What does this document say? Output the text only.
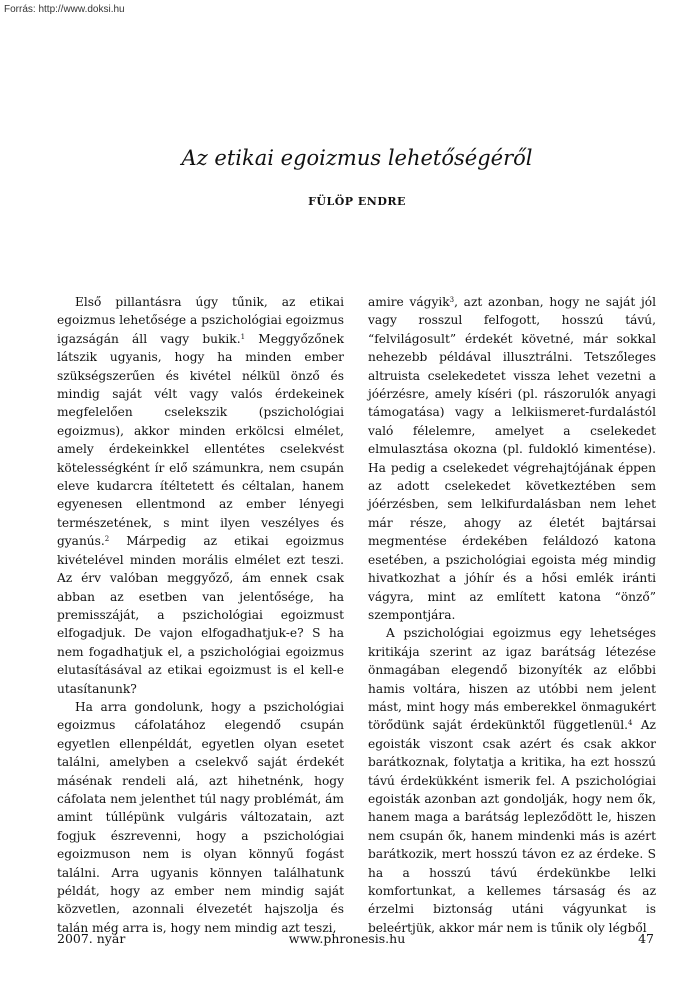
Forrás: http://www.doksi.hu
Az etikai egoizmus lehetőségéről
FÜLÖP ENDRE

Első pillantásra úgy tűnik, az etikai egoizmus lehetősége a pszichológiai egoizmus igazságán áll vagy bukik.$^1$ Meggyőzőnek látszik ugyanis, hogy ha minden ember szükségszerűen és kivétel nélkül önző és mindig saját vélt vagy valós érdekeinek megfelelően cselekszik (pszichológiai egoizmus), akkor minden erkölcsi elmélet, amely érdekeinkkel ellentétes cselekvést kötelességként ír elő számunkra, nem csupán eleve kudarcra ítéltetett és céltalan, hanem egyenesen ellentmond az ember lényegi természetének, s mint ilyen veszélyes és gyanús.$^2$ Márpedig az etikai egoizmus kivételével minden morális elmélet ezt teszi. Az érv valóban meggyőző, ám ennek csak abban az esetben van jelentősége, ha premisszáját, a pszichológiai egoizmust elfogadjuk. De vajon elfogadhatjuk-e? S ha nem fogadhatjuk el, a pszichológiai egoizmus elutasításával az etikai egoizmust is el kell-e utasítanunk?

Ha arra gondolunk, hogy a pszichológiai egoizmus cáfolatához elegendő csupán egyetlen ellenpéldát, egyetlen olyan esetet találni, amelyben a cselekvő saját érdekét másénak rendeli alá, azt hihetnénk, hogy cáfolata nem jelenthet túl nagy problémát, ám amint túllépünk vulgáris változatain, azt fogjuk észrevenni, hogy a pszichológiai egoizmuson nem is olyan könnyű fogást találni. Arra ugyanis könnyen találhatunk példát, hogy az ember nem mindig saját közvetlen, azonnali élvezetét hajszolja és talán még arra is, hogy nem mindig azt teszi,

amire vágyik$^3$, azt azonban, hogy ne saját jól vagy rosszul felfogott, hosszú távú, “felvilágosult” érdekét követné, már sokkal nehezebb példával illusztrálni. Tetszőleges altruista cselekedetet vissza lehet vezetni a jóérzésre, amely kíséri (pl. rászorulók anyagi támogatása) vagy a lelkiismeret-furdalástól való félelemre, amelyet a cselekedet elmulasztása okozna (pl. fuldokló kimentése). Ha pedig a cselekedet végrehajtójának éppen az adott cselekedet következtében sem jóérzésben, sem lelkifurdalásban nem lehet már része, ahogy az életét bajtársai megmentése érdekében feláldozó katona esetében, a pszichológiai egoista még mindig hivatkozhat a jóhír és a hősi emlék iránti vágyra, mint az említett katona “önző” szempontjára.

A pszichológiai egoizmus egy lehetséges kritikája szerint az igaz barátság létezése önmagában elegendő bizonyíték az előbbi hamis voltára, hiszen az utóbbi nem jelent mást, mint hogy más emberekkel önmagukért törődünk saját érdekünktől függetlenül.$^4$ Az egoisták viszont csak azért és csak akkor barátkoznak, folytatja a kritika, ha ezt hosszú távú érdekükként ismerik fel. A pszichológiai egoisták azonban azt gondolják, hogy nem ők, hanem maga a barátság lepleződött le, hiszen nem csupán ők, hanem mindenki más is azért barátkozik, mert hosszú távon ez az érdeke. S ha a hosszú távú érdekünkbe lelki komfortunkat, a kellemes társaság és az érzelmi biztonság utáni vágyunkat is beleértjük, akkor már nem is tűnik oly légből

2007. nyár	www.phronesis.hu	47
